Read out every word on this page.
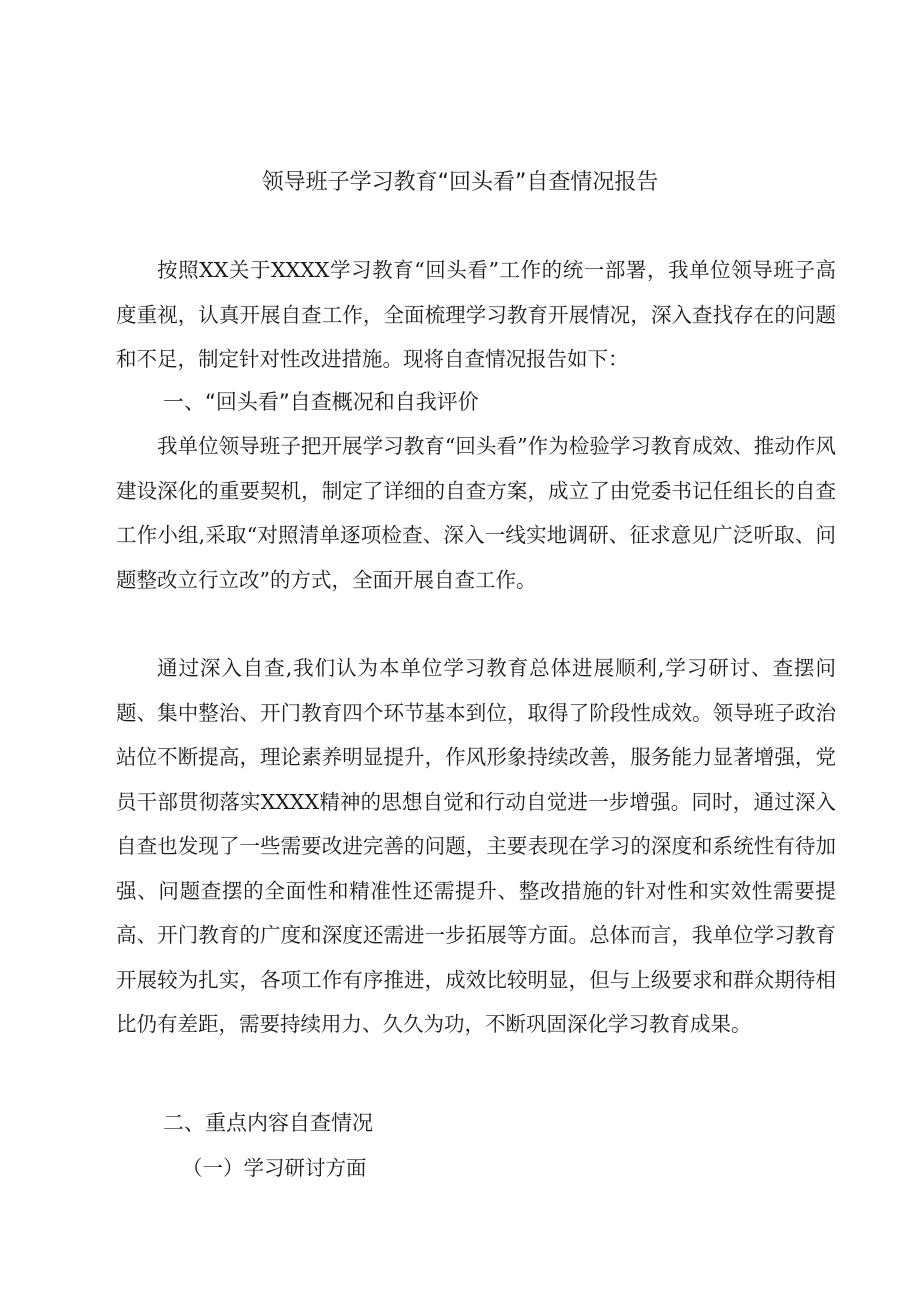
领导班子学习教育“回头看”自查情况报告

按照XX关于XXXX学习教育“回头看”工作的统一部署，我单位领导班子高度重视，认真开展自查工作，全面梳理学习教育开展情况，深入查找存在的问题和不足，制定针对性改进措施。现将自查情况报告如下：

一、“回头看”自查概况和自我评价

我单位领导班子把开展学习教育“回头看”作为检验学习教育成效、推动作风建设深化的重要契机，制定了详细的自查方案，成立了由党委书记任组长的自查工作小组,采取“对照清单逐项检查、深入一线实地调研、征求意见广泛听取、问题整改立行立改”的方式，全面开展自查工作。

通过深入自查,我们认为本单位学习教育总体进展顺利,学习研讨、查摆问题、集中整治、开门教育四个环节基本到位，取得了阶段性成效。领导班子政治站位不断提高，理论素养明显提升，作风形象持续改善，服务能力显著增强，党员干部贯彻落实XXXX精神的思想自觉和行动自觉进一步增强。同时，通过深入自查也发现了一些需要改进完善的问题，主要表现在学习的深度和系统性有待加强、问题查摆的全面性和精准性还需提升、整改措施的针对性和实效性需要提高、开门教育的广度和深度还需进一步拓展等方面。总体而言，我单位学习教育开展较为扎实，各项工作有序推进，成效比较明显，但与上级要求和群众期待相比仍有差距，需要持续用力、久久为功，不断巩固深化学习教育成果。

二、重点内容自查情况
（一）学习研讨方面
